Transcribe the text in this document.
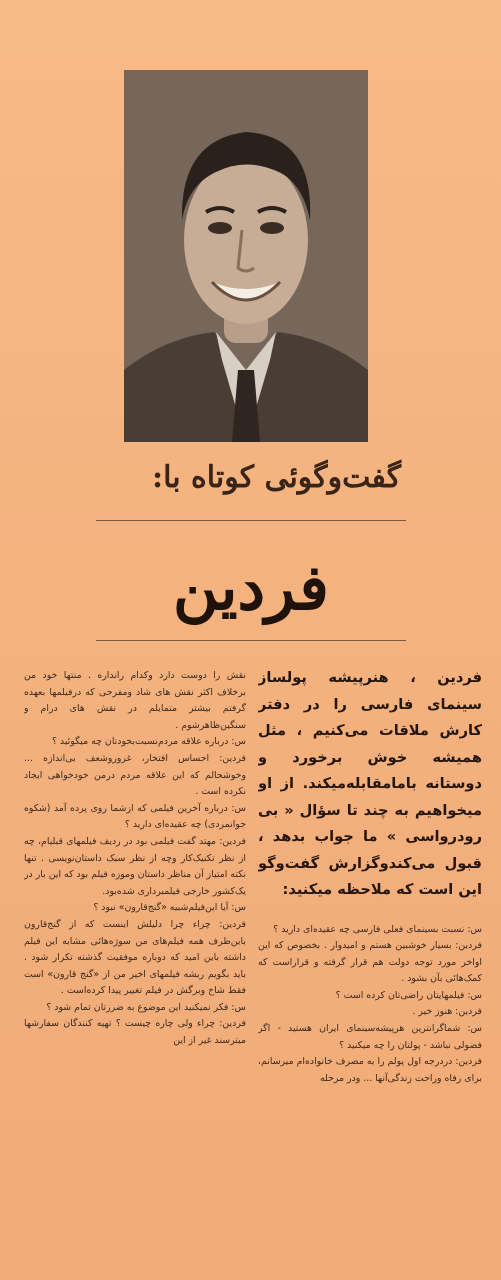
گفت‌وگوئی کوتاه با:
فردین

فردین ، هنرپیشه پولساز سینمای فارسی را در دفتر کارش ملاقات می‌کنیم ، مثل همیشه خوش برخورد و دوستانه باما‌مقابله‌میکند. از او میخواهیم به چند تا سؤال « بی رودرواسی » ما جواب بدهد ، قبول می‌کندوگزارش گفت‌وگو این است که ملاحظه میکنید:

س: نسبت بسینمای فعلی فارسی چه عقیده‌ای دارید ؟
فردین: بسیار خوشبین هستم و امیدوار . بخصوص که این اواخر مورد توجه دولت هم قرار گرفته و قراراست که کمک‌هائی بآن بشود .
س: فیلمهایتان راضی‌تان کرده است ؟
فردین: هنوز خیر .
س: شماگرانترین هرپیشه‌سینمای ایران هستید - اگر فضولی نباشد - پولتان را چه میکنید ؟
فردین: دردرجه اول پولم را به مصرف خانواده‌ام میرسانم، برای رفاه وراحت زندگی‌آنها ... ودر مرحله

نقش را دوست دارد وکدام رانداره . منتها خود من برخلاف اکثر نقش های شاد ومفرحی که درفیلمها بعهده گرفتم بیشتر متمایلم در نقش های درام و سنگین‌ظاهرشوم .
س: درباره علاقه مردم‌نسبت‌بخودتان چه میگوئید ؟
فردین: احساس افتخار، غرور‌وشعف بی‌اندازه ... وخوشحالم که این علاقه مردم درمن خودخواهی ایجاد نکرده است .
س: درباره آخرین فیلمی که ازشما روی پرده آمد (شکوه جوانمردی) چه عقیده‌ای دارید ؟
فردین: مهتد گفت فیلمی بود در ردیف فیلمهای قبلیام، چه از نظر تکنیک‌کار وچه از نظر سبک داستان‌نویسی . تنها نکته امتیاز آن مناظر داستان وموزه فیلم بود که این بار در یک‌کشور خارجی فیلمبرداری شده‌بود.
س: آیا این‌فیلم‌شبیه «گنج‌قارون» نبود ؟
فردین: چراء چرا دلیلش اینست که از گنج‌قارون باین‌طرف همه فیلم‌های من سوژه‌هائی مشابه این فیلم داشته باین امید که دوباره موفقیت گذشته تکرار شود . باید بگویم ریشه فیلمهای اخیر من از «گنج قارون» است فقط شاخ وبرگش در فیلم تغییر پیدا کرده‌است .
س: فکر نمیکنید این موضوع به ضررتان تمام شود ؟
فردین: چراء ولی چاره چیست ؟ تهیه کنندگان سفارشها میترسند غیر از این
